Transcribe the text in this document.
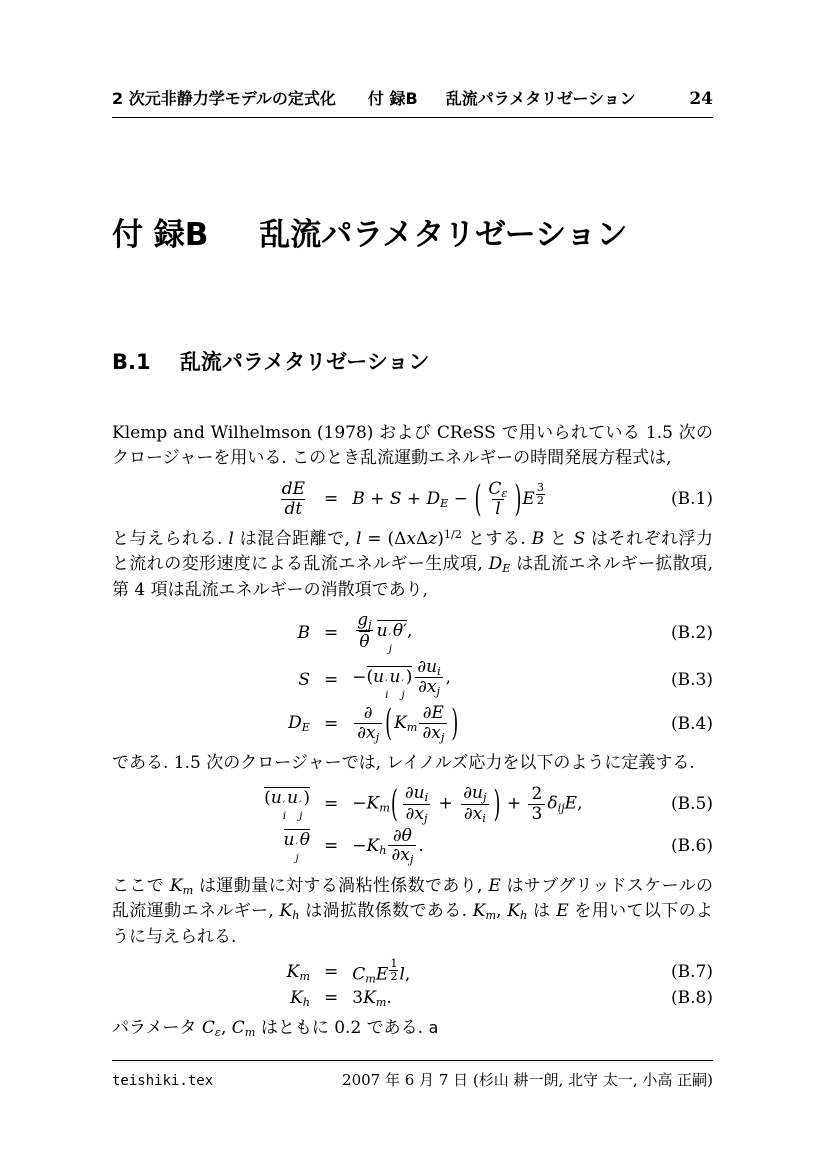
2 次元非静力学モデルの定式化 付 録B 乱流パラメタリゼーション	24
付 録B 乱流パラメタリゼーション
B.1 乱流パラメタリゼーション

Klemp and Wilhelmson (1978) および CReSS で用いられている 1.5 次のクロージャーを用いる. このとき乱流運動エネルギーの時間発展方程式は,

$\frac{dE}{dt} = B + S + D_E$ − ( $\frac{C_\varepsilon}{l}$ ) E $^{\frac{3}{2}}$	(B.1)

と与えられる. l は混合距離で, $l = (\Delta x\Delta z)^{1/2}$ とする. B と S はそれぞれ浮力と流れの変形速度による乱流エネルギー生成項, $D_E$ は乱流エネルギー拡散項, 第 4 項は乱流エネルギーの消散項であり,

$B = \frac{g_j}{\theta}$ u ′
j
θ′,	(B.2)
S = −(u ′
i
u ′
j
) $\frac{\partial u_i}{\partial x_j}$ ,	(B.3)
$D_E = \frac{\partial}{\partial x_j}$ ( $K_m \frac{\partial E}{\partial x_j}$ )	(B.4)

である. 1.5 次のクロージャーでは, レイノルズ応力を以下のように定義する.

(u ′
i
u ′
j
) = $-K_m$ ( $\frac{\partial u_i}{\partial x_j} + \frac{\partial u_j}{\partial x_i}$ ) + $\frac{2}{3} \delta_{ij}E$,	(B.5)
u ′
j
$\theta = -K_h \frac{\partial\theta}{\partial x_j}$ .	(B.6)

ここで $K_m$ は運動量に対する渦粘性係数であり, E はサブグリッドスケールの乱流運動エネルギー, $K_h$ は渦拡散係数である. $K_m$, $K_h$ は E を用いて以下のように与えられる.

$K_m = C_mE$ $^{\frac{1}{2}}$ l,	(B.7)
$K_h = 3K_m$.	(B.8)

パラメータ $C_\varepsilon$, $C_m$ はともに 0.2 である. a

teishiki.tex	2007 年 6 月 7 日 (杉山 耕一朗, 北守 太一, 小高 正嗣)
